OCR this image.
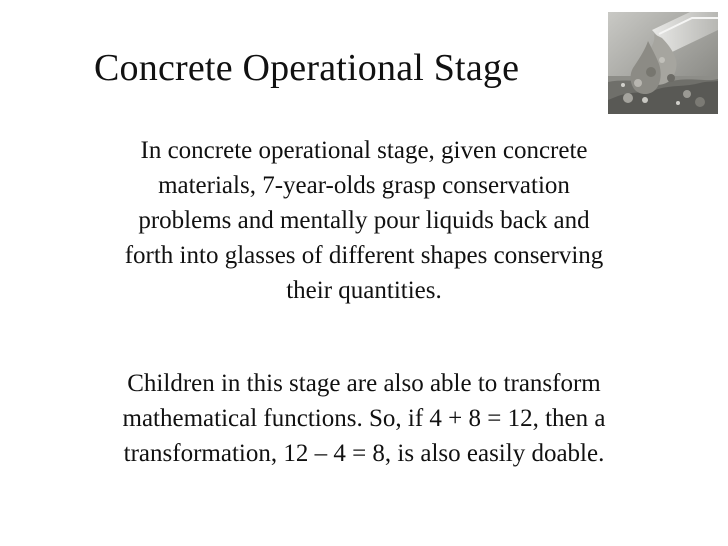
Concrete Operational Stage
In concrete operational stage, given concrete
materials, 7-year-olds grasp conservation
problems and mentally pour liquids back and
forth into glasses of different shapes conserving
their quantities.
Children in this stage are also able to transform
mathematical functions. So, if 4 + 8 = 12, then a
transformation, 12 – 4 = 8, is also easily doable.
